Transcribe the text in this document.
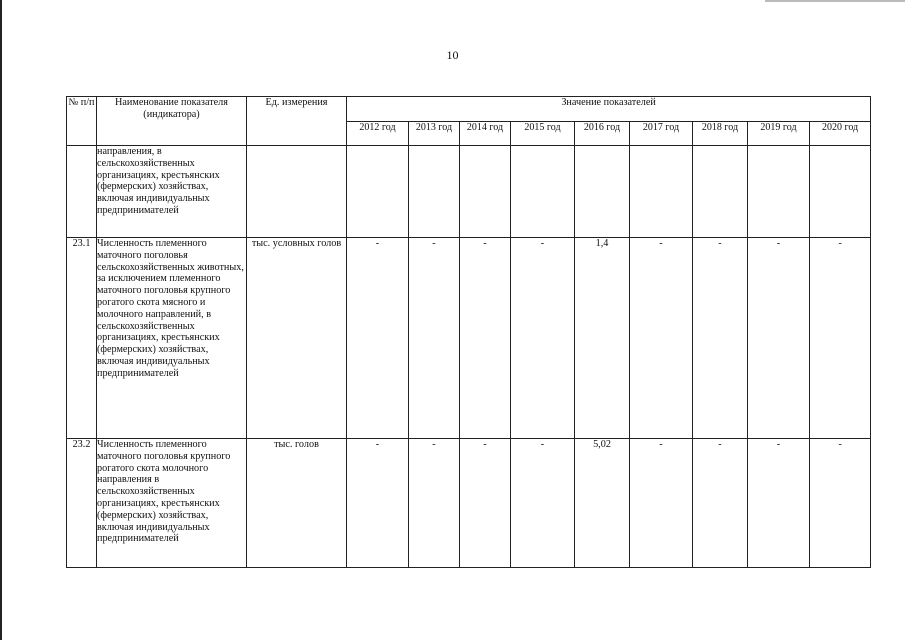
10
№ п/п	Наименование показателя (индикатора)	Ед. измерения	Значение показателей								
			2012 год	2013 год	2014 год	2015 год	2016 год	2017 год	2018 год	2019 год	2020 год
	направления, в сельскохозяйственных организациях, крестьянских (фермерских) хозяйствах, включая индивидуальных предпринимателей										
23.1	Численность племенного маточного поголовья сельскохозяйственных животных, за исключением племенного маточного поголовья крупного рогатого скота мясного и молочного направлений, в сельскохозяйственных организациях, крестьянских (фермерских) хозяйствах, включая индивидуальных предпринимателей	тыс. условных голов	-	-	-	-	1,4	-	-	-	-
23.2	Численность племенного маточного поголовья крупного рогатого скота молочного направления в сельскохозяйственных организациях, крестьянских (фермерских) хозяйствах, включая индивидуальных предпринимателей	тыс. голов	-	-	-	-	5,02	-	-	-	-
